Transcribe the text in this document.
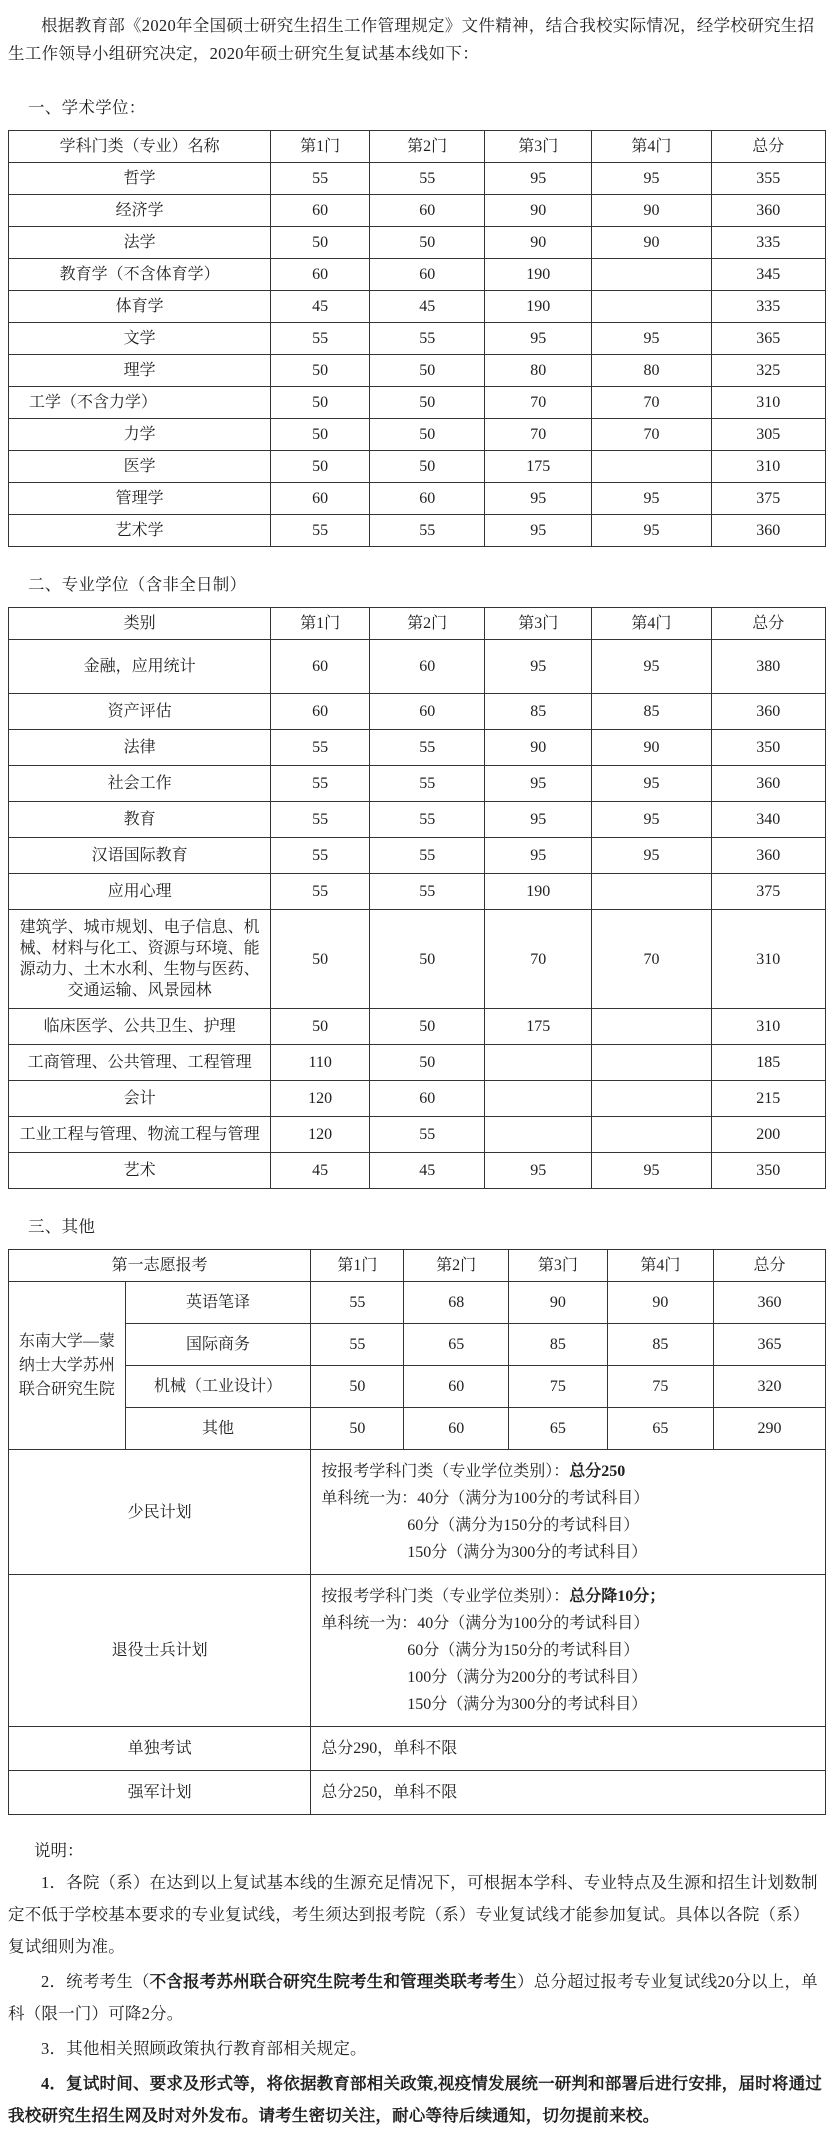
根据教育部《2020年全国硕士研究生招生工作管理规定》文件精神，结合我校实际情况，经学校研究生招生工作领导小组研究决定，2020年硕士研究生复试基本线如下：

一、学术学位：
学科门类（专业）名称	第1门	第2门	第3门	第4门	总分
哲学	55	55	95	95	355
经济学	60	60	90	90	360
法学	50	50	90	90	335
教育学（不含体育学）	60	60	190		345
体育学	45	45	190		335
文学	55	55	95	95	365
理学	50	50	80	80	325
工学（不含力学）	50	50	70	70	310
力学	50	50	70	70	305
医学	50	50	175		310
管理学	60	60	95	95	375
艺术学	55	55	95	95	360
二、专业学位（含非全日制）
类别	第1门	第2门	第3门	第4门	总分
金融，应用统计	60	60	95	95	380
资产评估	60	60	85	85	360
法律	55	55	90	90	350
社会工作	55	55	95	95	360
教育	55	55	95	95	340
汉语国际教育	55	55	95	95	360
应用心理	55	55	190		375
建筑学、城市规划、电子信息、机械、材料与化工、资源与环境、能源动力、土木水利、生物与医药、交通运输、风景园林	50	50	70	70	310
临床医学、公共卫生、护理	50	50	175		310
工商管理、公共管理、工程管理	110	50			185
会计	120	60			215
工业工程与管理、物流工程与管理	120	55			200
艺术	45	45	95	95	350
三、其他
第一志愿报考		第1门	第2门	第3门	第4门	总分
东南大学—蒙纳士大学苏州联合研究生院	英语笔译	55	68	90	90	360
	国际商务	55	65	85	85	365
	机械（工业设计）	50	60	75	75	320
	其他	50	60	65	65	290
少民计划		按报考学科门类（专业学位类别）：总分250
单科统一为：40分（满分为100分的考试科目）
60分（满分为150分的考试科目）
150分（满分为300分的考试科目）				

退役士兵计划		按报考学科门类（专业学位类别）：总分降10分；
单科统一为：40分（满分为100分的考试科目）
60分（满分为150分的考试科目）
100分（满分为200分的考试科目）
150分（满分为300分的考试科目）				

单独考试		总分290，单科不限				

强军计划		总分250，单科不限				
说明：
1．各院（系）在达到以上复试基本线的生源充足情况下，可根据本学科、专业特点及生源和招生计划数制定不低于学校基本要求的专业复试线，考生须达到报考院（系）专业复试线才能参加复试。具体以各院（系）复试细则为准。
2．统考考生（不含报考苏州联合研究生院考生和管理类联考考生）总分超过报考专业复试线20分以上，单科（限一门）可降2分。
3．其他相关照顾政策执行教育部相关规定。
4．复试时间、要求及形式等，将依据教育部相关政策,视疫情发展统一研判和部署后进行安排，届时将通过我校研究生招生网及时对外发布。请考生密切关注，耐心等待后续通知，切勿提前来校。
